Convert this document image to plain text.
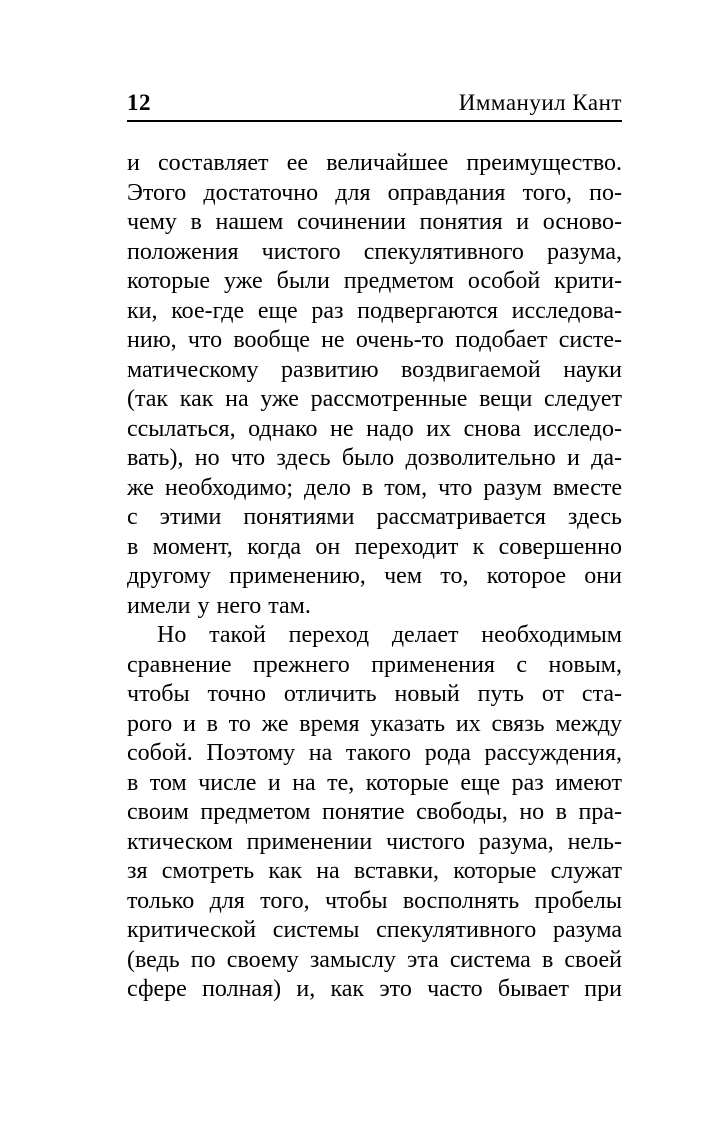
12	Иммануил Кант
и составляет ее величайшее преимущество.
Этого достаточно для оправдания того, по-
чему в нашем сочинении понятия и осново-
положения чистого спекулятивного разума,
которые уже были предметом особой крити-
ки, кое-где еще раз подвергаются исследова-
нию, что вообще не очень-то подобает систе-
матическому развитию воздвигаемой науки
(так как на уже рассмотренные вещи следует
ссылаться, однако не надо их снова исследо-
вать), но что здесь было дозволительно и да-
же необходимо; дело в том, что разум вместе
с этими понятиями рассматривается здесь
в момент, когда он переходит к совершенно
другому применению, чем то, которое они
имели у него там.
Но такой переход делает необходимым
сравнение прежнего применения с новым,
чтобы точно отличить новый путь от ста-
рого и в то же время указать их связь между
собой. Поэтому на такого рода рассуждения,
в том числе и на те, которые еще раз имеют
своим предметом понятие свободы, но в пра-
ктическом применении чистого разума, нель-
зя смотреть как на вставки, которые служат
только для того, чтобы восполнять пробелы
критической системы спекулятивного разума
(ведь по своему замыслу эта система в своей
сфере полная) и, как это часто бывает при
